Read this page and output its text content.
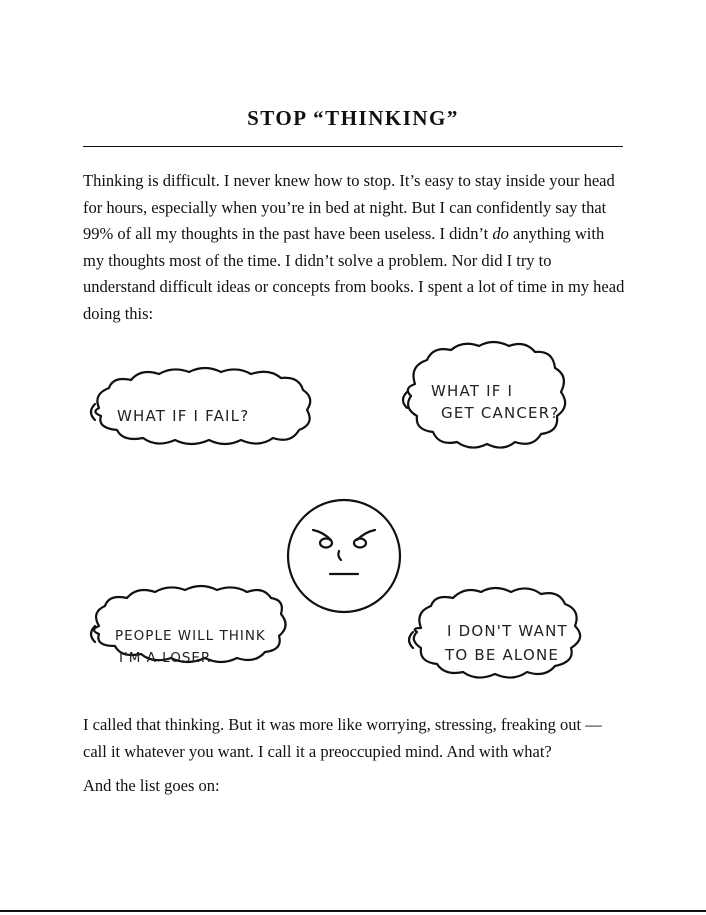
STOP “THINKING”

Thinking is difficult. I never knew how to stop. It’s easy to stay inside your head for hours, especially when you’re in bed at night. But I can confidently say that 99% of all my thoughts in the past have been useless. I didn’t do anything with my thoughts most of the time. I didn’t solve a problem. Nor did I try to understand difficult ideas or concepts from books. I spent a lot of time in my head doing this:

WHAT IF I FAIL?
WHAT IF I
GET CANCER?
PEOPLE WILL THINK
I'M A LOSER.
I DON'T WANT
TO BE ALONE

I called that thinking. But it was more like worrying, stressing, freaking out — call it whatever you want. I call it a preoccupied mind. And with what?

And the list goes on:
